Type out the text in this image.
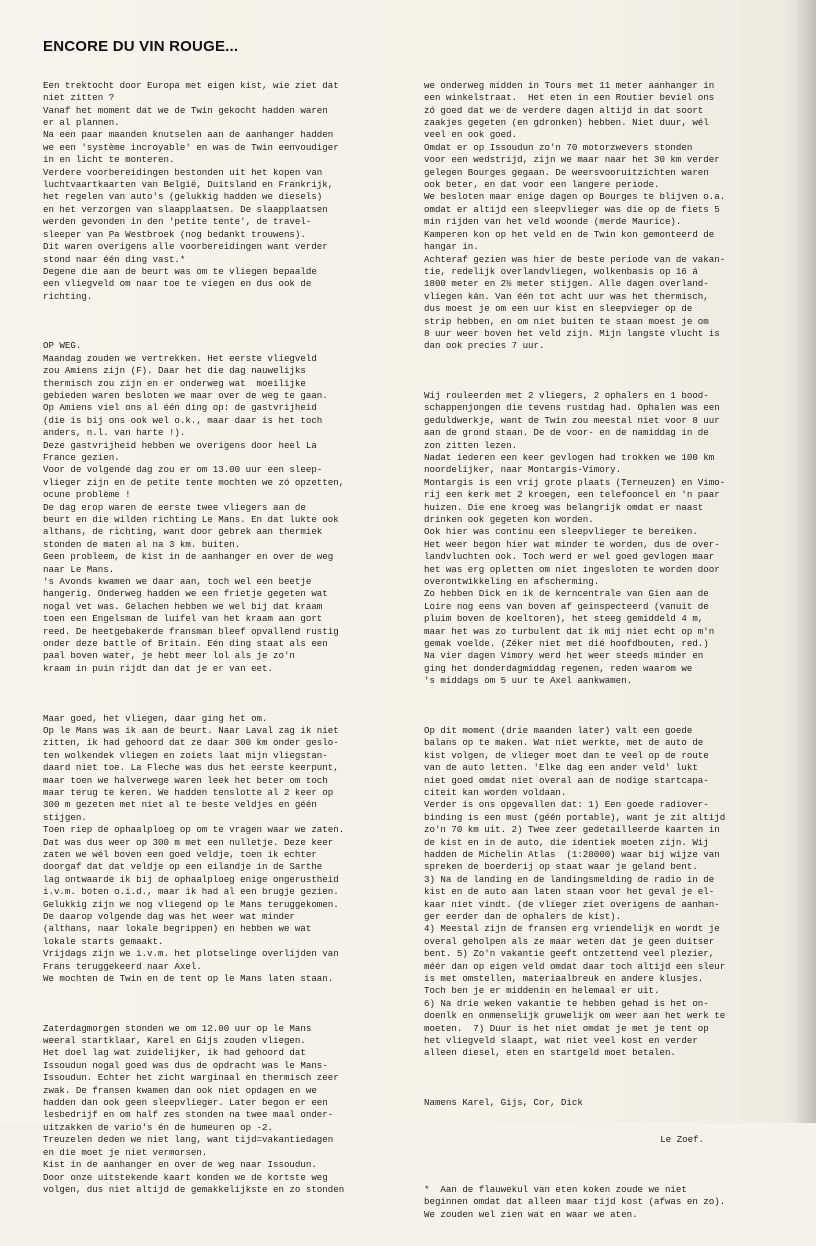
ENCORE DU VIN ROUGE...

Een trektocht door Europa met eigen kist, wie ziet dat
niet zitten ?
Vanaf het moment dat we de Twin gekocht hadden waren
er al plannen.
Na een paar maanden knutselen aan de aanhanger hadden
we een 'système incroyable' en was de Twin eenvoudiger
in en licht te monteren.
Verdere voorbereidingen bestonden uit het kopen van
luchtvaartkaarten van België, Duitsland en Frankrijk,
het regelen van auto's (gelukkig hadden we diesels)
en het verzorgen van slaapplaatsen. De slaapplaatsen
werden gevonden in den 'petite tente', de travel-
sleeper van Pa Westbroek (nog bedankt trouwens).
Dit waren overigens alle voorbereidingen want verder
stond naar één ding vast.*
Degene die aan de beurt was om te vliegen bepaalde
een vliegveld om naar toe te viegen en dus ook de
richting.

OP WEG.
Maandag zouden we vertrekken. Het eerste vliegveld
zou Amiens zijn (F). Daar het die dag nauwelijks
thermisch zou zijn en er onderweg wat  moeilijke
gebieden waren besloten we maar over de weg te gaan.
Op Amiens viel ons al één ding op: de gastvrijheid
(die is bij ons ook wel o.k., maar daar is het toch
anders, n.l. van harte !).
Deze gastvrijheid hebben we overigens door heel La
France gezien.
Voor de volgende dag zou er om 13.00 uur een sleep-
vlieger zijn en de petite tente mochten we zó opzetten,
ocune problème !
De dag erop waren de eerste twee vliegers aan de
beurt en die wilden richting Le Mans. En dat lukte ook
althans, de richting, want door gebrek aan thermiek
stonden de maten al na 3 km. buiten.
Geen probleem, de kist in de aanhanger en over de weg
naar Le Mans.
's Avonds kwamen we daar aan, toch wel een beetje
hangerig. Onderweg hadden we een frietje gegeten wat
nogal vet was. Gelachen hebben we wel bij dat kraam
toen een Engelsman de luifel van het kraam aan gort
reed. De heetgebakerde fransman bleef opvallend rustig
onder deze battle of Britain. Eén ding staat als een
paal boven water, je hebt meer lol als je zo'n
kraam in puin rijdt dan dat je er van eet.

Maar goed, het vliegen, daar ging het om.
Op le Mans was ik aan de beurt. Naar Laval zag ik niet
zitten, ik had gehoord dat ze daar 300 km onder geslo-
ten wolkendek vliegen en zoiets laat mijn vliegstan-
daard niet toe. La Fleche was dus het eerste keerpunt,
maar toen we halverwege waren leek het beter om toch
maar terug te keren. We hadden tenslotte al 2 keer op
300 m gezeten met niet al te beste veldjes en géén
stijgen.
Toen riep de ophaalploeg op om te vragen waar we zaten.
Dat was dus weer op 300 m met een nulletje. Deze keer
zaten we wél boven een goed veldje, toen ik echter
doorgaf dat dat veldje op een eilandje in de Sarthe
lag ontwaarde ik bij de ophaalploeg enige ongerustheid
i.v.m. boten o.i.d., maar ik had al een brugje gezien.
Gelukkig zijn we nog vliegend op le Mans teruggekomen.
De daarop volgende dag was het weer wat minder
(althans, naar lokale begrippen) en hebben we wat
lokale starts gemaakt.
Vrijdags zijn we i.v.m. het plotselinge overlijden van
Frans teruggekeerd naar Axel.
We mochten de Twin en de tent op le Mans laten staan.

Zaterdagmorgen stonden we om 12.00 uur op le Mans
weeral startklaar, Karel en Gijs zouden vliegen.
Het doel lag wat zuidelijker, ik had gehoord dat
Issoudun nogal goed was dus de opdracht was le Mans-
Issoudun. Echter het zicht warginaal en thermisch zeer
zwak. De fransen kwamen dan ook niet opdagen en we
hadden dan ook geen sleepvlieger. Later begon er een
lesbedrijf en om half zes stonden na twee maal onder-
uitzakken de vario's én de humeuren op -2.
Treuzelen deden we niet lang, want tijd=vakantiedagen
en die moet je niet vermorsen.
Kist in de aanhanger en over de weg naar Issoudun.
Door onze uitstekende kaart konden we de kortste weg
volgen, dus niet altijd de gemakkelijkste en zo stonden

we onderweg midden in Tours met 11 meter aanhanger in
een winkelstraat.  Het eten in een Routier beviel ons
zó goed dat we de verdere dagen altijd in dat soort
zaakjes gegeten (en gdronken) hebben. Niet duur, wél
veel en ook goed.
Omdat er op Issoudun zo'n 70 motorzwevers stonden
voor een wedstrijd, zijn we maar naar het 30 km verder
gelegen Bourges gegaan. De weersvooruitzichten waren
ook beter, en dat voor een langere periode.
We besloten maar enige dagen op Bourges te blijven o.a.
omdat er altijd een sleepvlieger was die op de fiets 5
min rijden van het veld woonde (merde Maurice).
Kamperen kon op het veld en de Twin kon gemonteerd de
hangar in.
Achteraf gezien was hier de beste periode van de vakan-
tie, redelijk overlandvliegen, wolkenbasis op 16 á
1800 meter en 2½ meter stijgen. Alle dagen overland-
vliegen kán. Van één tot acht uur was het thermisch,
dus moest je om een uur kist en sleepvieger op de
strip hebben, en om niet buiten te staan moest je om
8 uur weer boven het veld zijn. Mijn langste vlucht is
dan ook precies 7 uur.

Wij rouleerden met 2 vliegers, 2 ophalers en 1 bood-
schappenjongen die tevens rustdag had. Ophalen was een
geduldwerkje, want de Twin zou meestal niet voor 8 uur
aan de grond staan. De de voor- en de namiddag in de
zon zitten lezen.
Nadat iederen een keer gevlogen had trokken we 100 km
noordelijker, naar Montargis-Vimory.
Montargis is een vrij grote plaats (Terneuzen) en Vimo-
rij een kerk met 2 kroegen, een telefooncel en 'n paar
huizen. Die ene kroeg was belangrijk omdat er naast
drinken ook gegeten kon worden.
Ook hier was continu een sleepvlieger te bereiken.
Het weer begon hier wat minder te worden, dus de over-
landvluchten ook. Toch werd er wel goed gevlogen maar
het was erg opletten om niet ingesloten te worden door
overontwikkeling en afscherming.
Zo hebben Dick en ik de kerncentrale van Gien aan de
Loire nog eens van boven af geinspecteerd (vanuit de
pluim boven de koeltoren), het steeg gemiddeld 4 m,
maar het was zo turbulent dat ik mij niet echt op m'n
gemak voelde. (Zéker niet met dié hoofdbouten, red.)
Na vier dagen Vimory werd het weer steeds minder en
ging het donderdagmiddag regenen, reden waarom we
's middags om 5 uur te Axel aankwamen.

Op dit moment (drie maanden later) valt een goede
balans op te maken. Wat niet werkte, met de auto de
kist volgen, de vlieger moet dan te veel op de route
van de auto letten. 'Elke dag een ander veld' lukt
niet goed omdat niet overal aan de nodige startcapa-
citeit kan worden voldaan.
Verder is ons opgevallen dat: 1) Een goede radiover-
binding is een must (géén portable), want je zit altijd
zo'n 70 km uit. 2) Twee zeer gedetailleerde kaarten in
de kist en in de auto, die identiek moeten zijn. Wij
hadden de Michelin Atlas  (1:20000) waar bij wijze van
spreken de boerderij op staat waar je geland bent.
3) Na de landing en de landingsmelding de radio in de
kist en de auto aan laten staan voor het geval je el-
kaar niet vindt. (de vlieger ziet overigens de aanhan-
ger eerder dan de ophalers de kist).
4) Meestal zijn de fransen erg vriendelijk en wordt je
overal geholpen als ze maar weten dat je geen duitser
bent. 5) Zo'n vakantie geeft ontzettend veel plezier,
méér dan op eigen veld omdat daar toch altijd een sleur
is met omstellen, materiaalbreuk en andere klusjes.
Toch ben je er middenin en helemaal er uit.
6) Na drie weken vakantie te hebben gehad is het on-
doenlk en onmenselijk gruwelijk om weer aan het werk te
moeten.  7) Duur is het niet omdat je met je tent op
het vliegveld slaapt, wat niet veel kost en verder
alleen diesel, eten en startgeld moet betalen.

Namens Karel, Gijs, Cor, Dick

Le Zoef.

*  Aan de flauwekul van eten koken zoude we niet
beginnen omdat dat alleen maar tijd kost (afwas en zo).
We zouden wel zien wat en waar we aten.
